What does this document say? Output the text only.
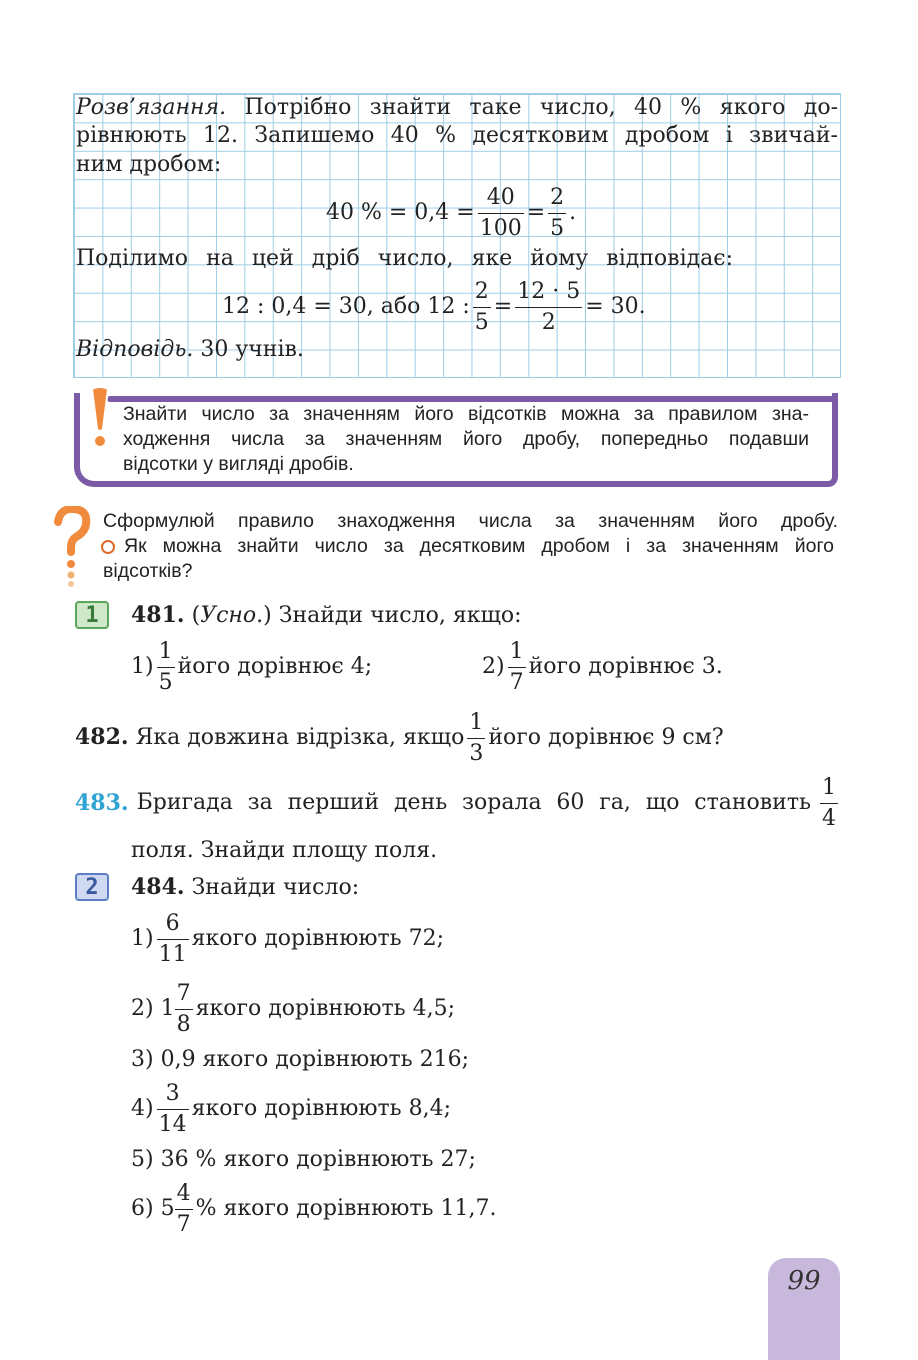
Розв’язання. Потрібно знайти таке число, 40 % якого до-
рівнюють 12. Запишемо 40 % десятковим дробом і звичай-
ним дробом:
40 % = $0,4 = \frac{40}{100} = \frac{2}{5}$ .
Поділимо на цей дріб число, яке йому відповідає:
12 : 0,4 = 30, або 12 : $\frac{2}{5} = \frac{12 \cdot 5}{2} = 30$.
Відповідь. 30 учнів.
Знайти число за значенням його відсотків можна за правилом зна-
ходження числа за значенням його дробу, попередньо подавши
відсотки у вигляді дробів.
Сформулюй правило знаходження числа за значенням його дробу.
Як можна знайти число за десятковим дробом і за значенням його
відсотків?
1	481. (Усно.) Знайди число, якщо:
$1) \frac{1}{5}$ його дорівнює 4;	$2) \frac{1}{7}$ його дорівнює 3.
482. Яка довжина відрізка, якщо $\frac{1}{3}$ його дорівнює 9 см?
483. Бригада за перший день зорала 60 га, що становить $\frac{1}{4}$
поля. Знайди площу поля.
2	484. Знайди число:
$1) \frac{6}{11}$ якого дорівнюють 72;
2) $1 \frac{7}{8}$ якого дорівнюють 4,5;
3) 0,9 якого дорівнюють 216;
$4) \frac{3}{14}$ якого дорівнюють 8,4;
5) 36 % якого дорівнюють 27;
6) $5 \frac{4}{7}$ % якого дорівнюють 11,7.
99
